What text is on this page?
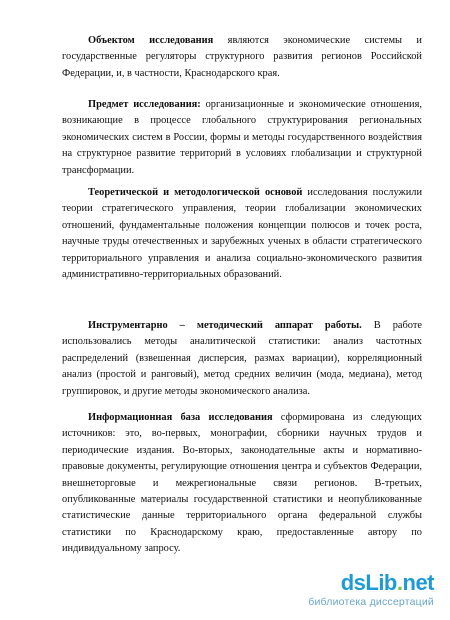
Объектом исследования являются экономические системы и государственные регуляторы структурного развития регионов Российской Федерации, и, в частности, Краснодарского края.

Предмет исследования: организационные и экономические отношения, возникающие в процессе глобального структурирования региональных экономических систем в России, формы и методы государственного воздействия на структурное развитие территорий в условиях глобализации и структурной трансформации.

Теоретической и методологической основой исследования послужили теории стратегического управления, теории глобализации экономических отношений, фундаментальные положения концепции полюсов и точек роста, научные труды отечественных и зарубежных ученых в области стратегического территориального управления и анализа социально-экономического развития административно-территориальных образований.

Инструментарно – методический аппарат работы. В работе использовались методы аналитической статистики: анализ частотных распределений (взвешенная дисперсия, размах вариации), корреляционный анализ (простой и ранговый), метод средних величин (мода, медиана), метод группировок, и другие методы экономического анализа.

Информационная база исследования сформирована из следующих источников: это, во-первых, монографии, сборники научных трудов и периодические издания. Во-вторых, законодательные акты и нормативно-правовые документы, регулирующие отношения центра и субъектов Федерации, внешнеторговые и межрегиональные связи регионов. В-третьих, опубликованные материалы государственной статистики и неопубликованные статистические данные территориального органа федеральной службы статистики по Краснодарскому краю, предоставленные автору по индивидуальному запросу.

dsLib.net
библиотека диссертаций
